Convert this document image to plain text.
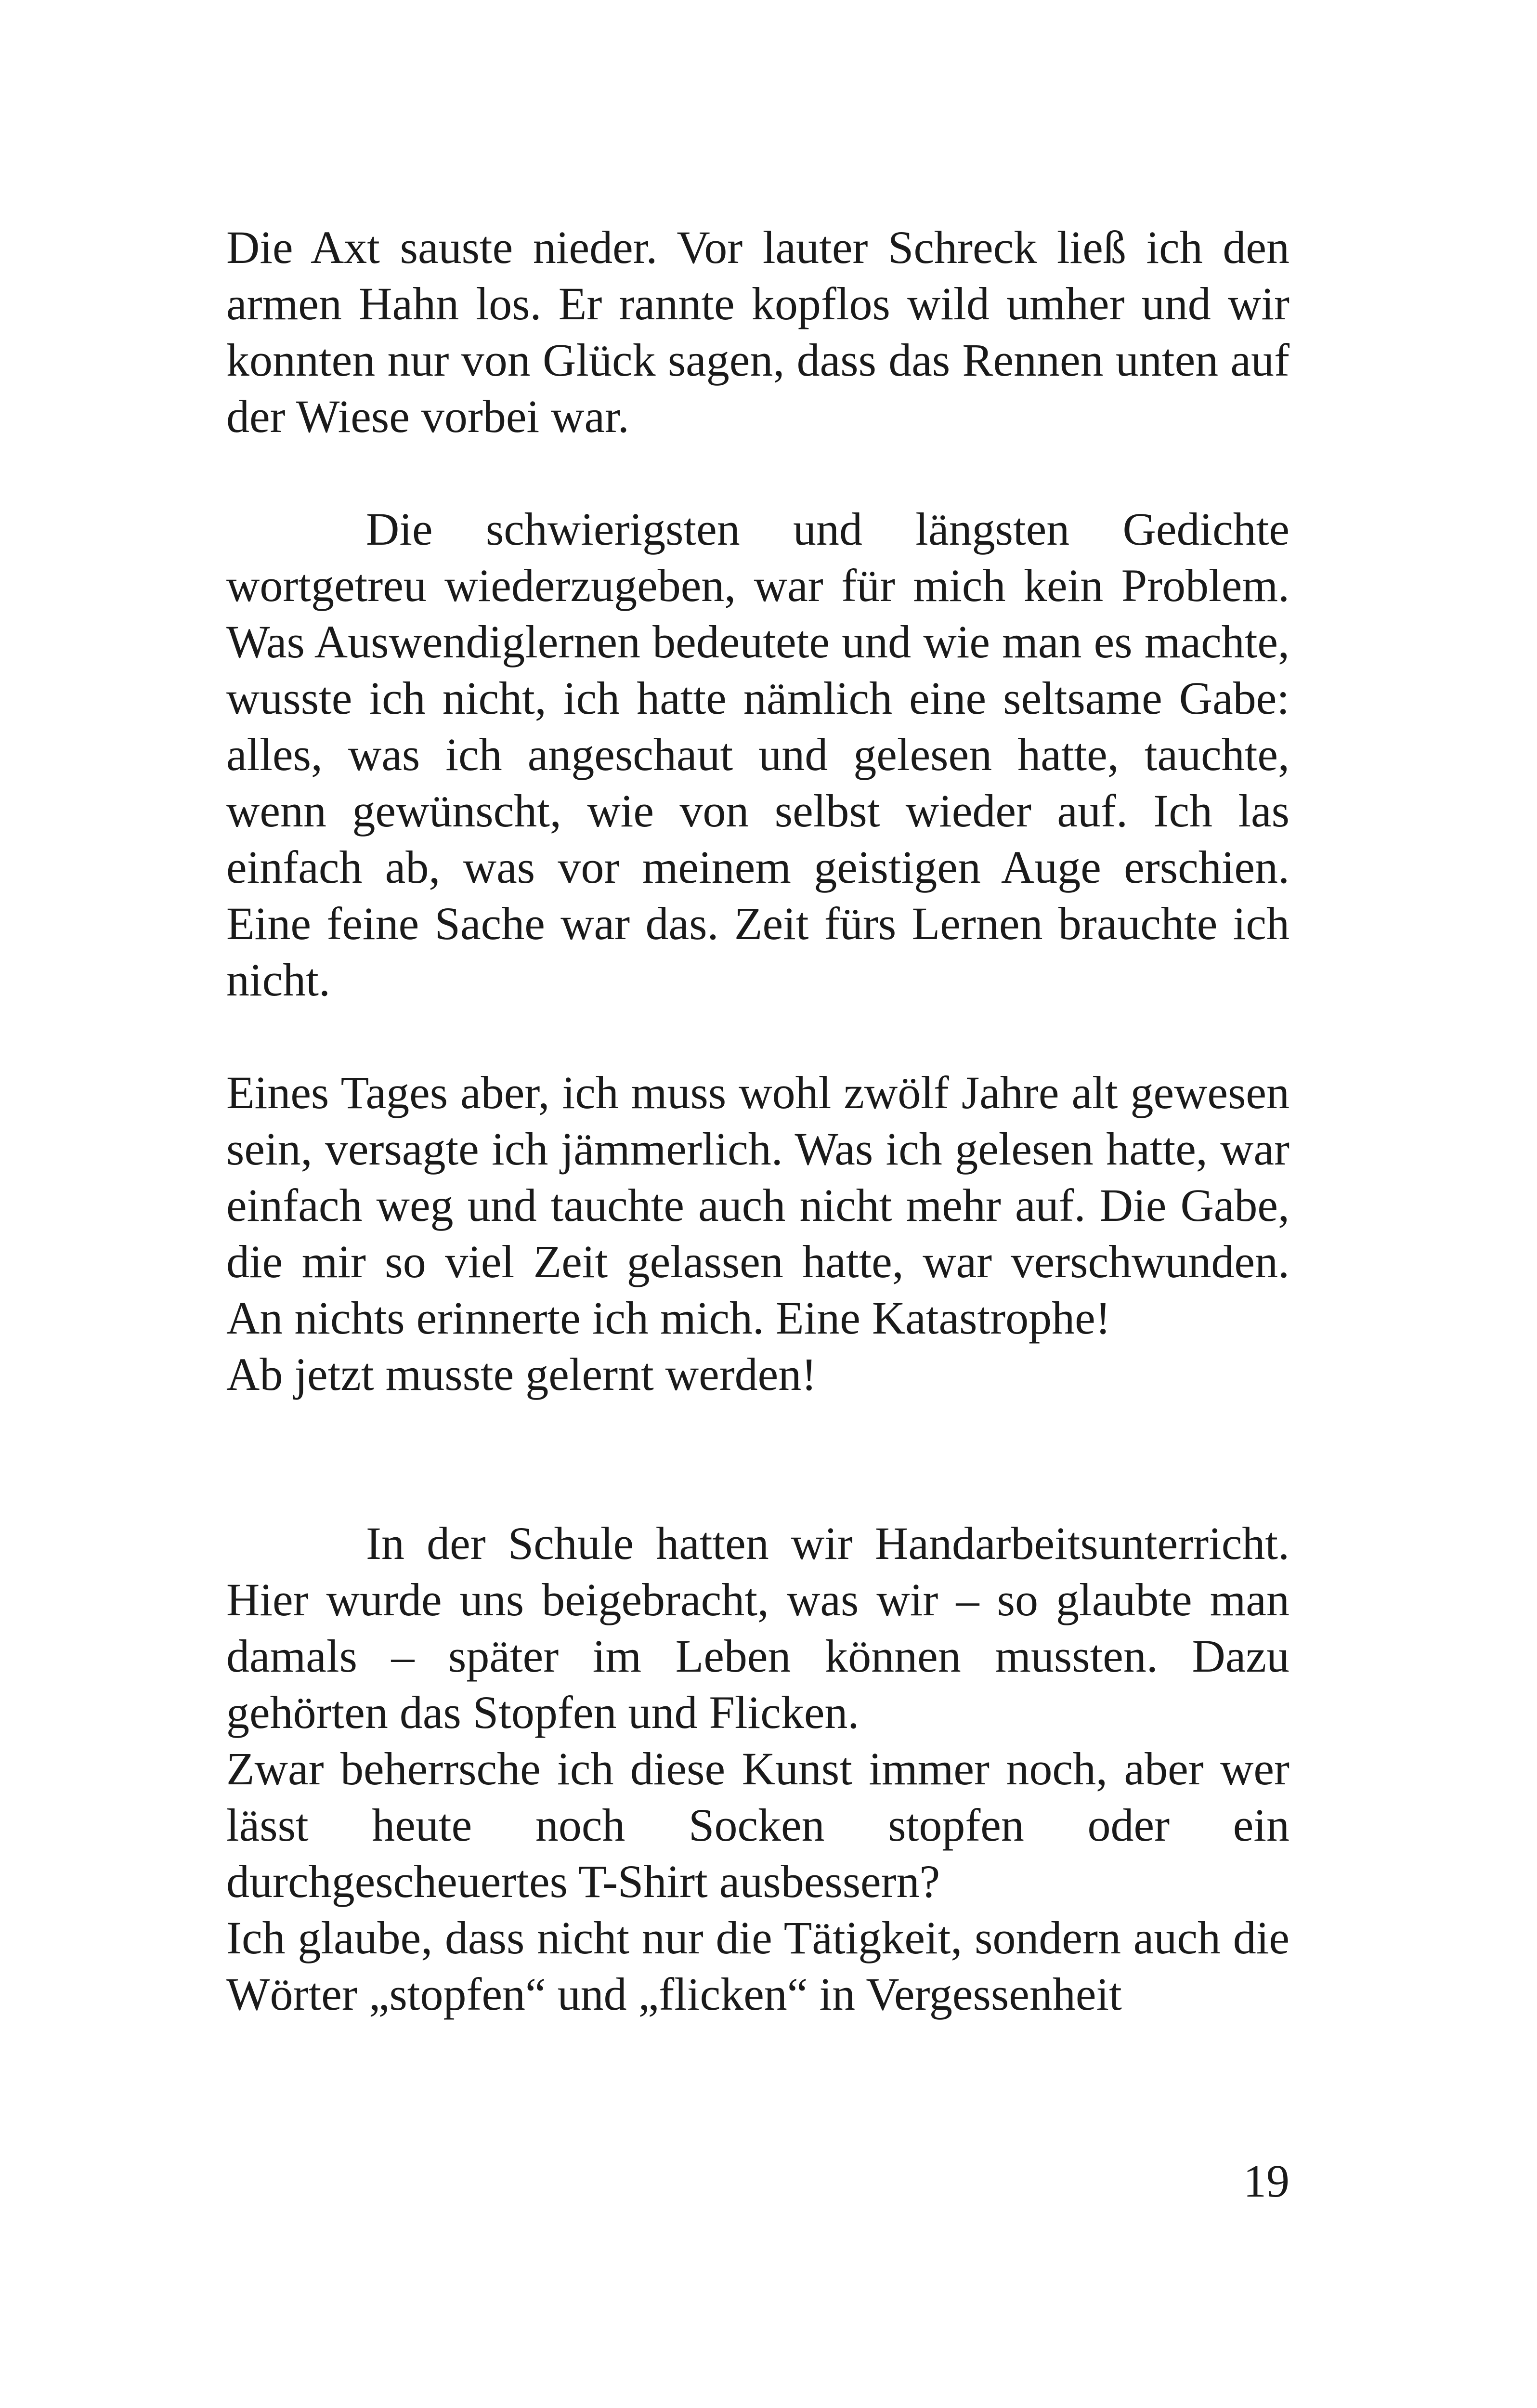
Die Axt sauste nieder. Vor lauter Schreck ließ ich den armen Hahn los. Er rannte kopflos wild umher und wir konnten nur von Glück sagen, dass das Rennen unten auf der Wiese vorbei war.

Die schwierigsten und längsten Gedichte wortgetreu wiederzugeben, war für mich kein Problem. Was Auswendiglernen bedeutete und wie man es machte, wusste ich nicht, ich hatte nämlich eine seltsame Gabe: alles, was ich angeschaut und gelesen hatte, tauchte, wenn gewünscht, wie von selbst wieder auf. Ich las einfach ab, was vor meinem geistigen Auge erschien. Eine feine Sache war das. Zeit fürs Lernen brauchte ich nicht.

Eines Tages aber, ich muss wohl zwölf Jahre alt gewesen sein, versagte ich jämmerlich. Was ich gelesen hatte, war einfach weg und tauchte auch nicht mehr auf. Die Gabe, die mir so viel Zeit gelassen hatte, war verschwunden. An nichts erinnerte ich mich. Eine Katastrophe!

Ab jetzt musste gelernt werden!

In der Schule hatten wir Handarbeitsunterricht. Hier wurde uns beigebracht, was wir – so glaubte man damals – später im Leben können mussten. Dazu gehörten das Stopfen und Flicken.

Zwar beherrsche ich diese Kunst immer noch, aber wer lässt heute noch Socken stopfen oder ein durchgescheuertes T-Shirt ausbessern?

Ich glaube, dass nicht nur die Tätigkeit, sondern auch die Wörter „stopfen“ und „flicken“ in Vergessenheit

19
